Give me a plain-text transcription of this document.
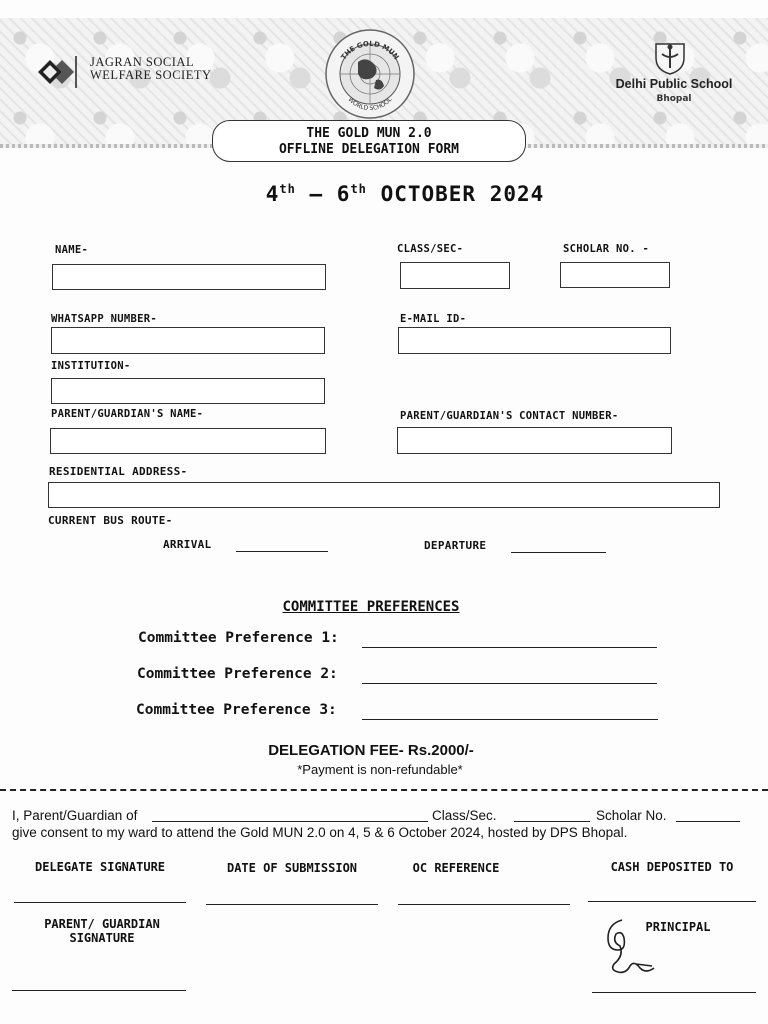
JAGRAN SOCIAL
WELFARE SOCIETY
THE GOLD MUN
WORLD SCHOOL
Delhi Public School
Bhopal
THE GOLD MUN 2.0
OFFLINE DELEGATION FORM
4th – 6th OCTOBER 2024
NAME-	CLASS/SEC-	SCHOLAR NO. -
WHATSAPP NUMBER-	E-MAIL ID-
INSTITUTION-
PARENT/GUARDIAN'S NAME-	PARENT/GUARDIAN'S CONTACT NUMBER-
RESIDENTIAL ADDRESS-
CURRENT BUS ROUTE-
ARRIVAL	DEPARTURE
COMMITTEE PREFERENCES
Committee Preference 1:
Committee Preference 2:
Committee Preference 3:
DELEGATION FEE- Rs.2000/-
*Payment is non-refundable*
I, Parent/Guardian of	Class/Sec.	Scholar No.
give consent to my ward to attend the Gold MUN 2.0 on 4, 5 & 6 October 2024, hosted by DPS Bhopal.
DELEGATE SIGNATURE	DATE OF SUBMISSION	OC REFERENCE	CASH DEPOSITED TO
PARENT/ GUARDIAN
SIGNATURE
PRINCIPAL
